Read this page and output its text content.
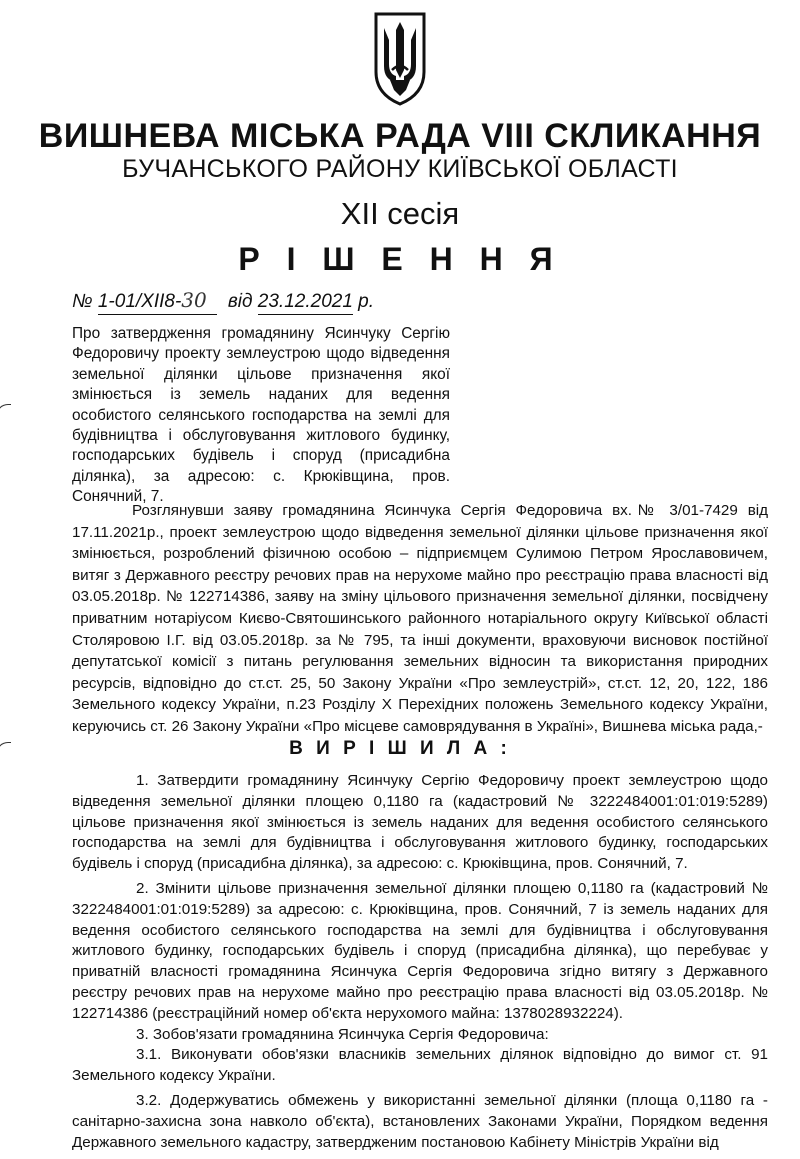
ВИШНЕВА МІСЬКА РАДА VIII СКЛИКАННЯ
БУЧАНСЬКОГО РАЙОНУ КИЇВСЬКОЇ ОБЛАСТІ
XII сесія
Р І Ш Е Н Н Я
№ 1-01/XII8-30 від 23.12.2021 р.
Про затвердження громадянину Ясинчуку Сергію Федоровичу проекту землеустрою щодо відведення земельної ділянки цільове призначення якої змінюється із земель наданих для ведення особистого селянського господарства на землі для будівництва і обслуговування житлового будинку, господарських будівель і споруд (присадибна ділянка), за адресою: с. Крюківщина, пров. Сонячний, 7.
Розглянувши заяву громадянина Ясинчука Сергія Федоровича вх.№ 3/01-7429 від 17.11.2021р., проект землеустрою щодо відведення земельної ділянки цільове призначення якої змінюється, розроблений фізичною особою – підприємцем Сулимою Петром Ярославовичем, витяг з Державного реєстру речових прав на нерухоме майно про реєстрацію права власності від 03.05.2018р. № 122714386, заяву на зміну цільового призначення земельної ділянки, посвідчену приватним нотаріусом Києво-Святошинського районного нотаріального округу Київської області Столяровою І.Г. від 03.05.2018р. за № 795, та інші документи, враховуючи висновок постійної депутатської комісії з питань регулювання земельних відносин та використання природних ресурсів, відповідно до ст.ст. 25, 50 Закону України «Про землеустрій», ст.ст. 12, 20, 122, 186 Земельного кодексу України, п.23 Розділу Х Перехідних положень Земельного кодексу України, керуючись ст. 26 Закону України «Про місцеве самоврядування в Україні», Вишнева міська рада,-
В И Р І Ш И Л А :

1. Затвердити громадянину Ясинчуку Сергію Федоровичу проект землеустрою щодо відведення земельної ділянки площею 0,1180 га (кадастровий № 3222484001:01:019:5289) цільове призначення якої змінюється із земель наданих для ведення особистого селянського господарства на землі для будівництва і обслуговування житлового будинку, господарських будівель і споруд (присадибна ділянка), за адресою: с. Крюківщина, пров. Сонячний, 7.

2. Змінити цільове призначення земельної ділянки площею 0,1180 га (кадастровий № 3222484001:01:019:5289) за адресою: с. Крюківщина, пров. Сонячний, 7 із земель наданих для ведення особистого селянського господарства на землі для будівництва і обслуговування житлового будинку, господарських будівель і споруд (присадибна ділянка), що перебуває у приватній власності громадянина Ясинчука Сергія Федоровича згідно витягу з Державного реєстру речових прав на нерухоме майно про реєстрацію права власності від 03.05.2018р. № 122714386 (реєстраційний номер об'єкта нерухомого майна: 1378028932224).

3. Зобов'язати громадянина Ясинчука Сергія Федоровича:

3.1. Виконувати обов'язки власників земельних ділянок відповідно до вимог ст. 91 Земельного кодексу України.

3.2. Додержуватись обмежень у використанні земельної ділянки (площа 0,1180 га - санітарно-захисна зона навколо об'єкта), встановлених Законами України, Порядком ведення Державного земельного кадастру, затвердженим постановою Кабінету Міністрів України від
